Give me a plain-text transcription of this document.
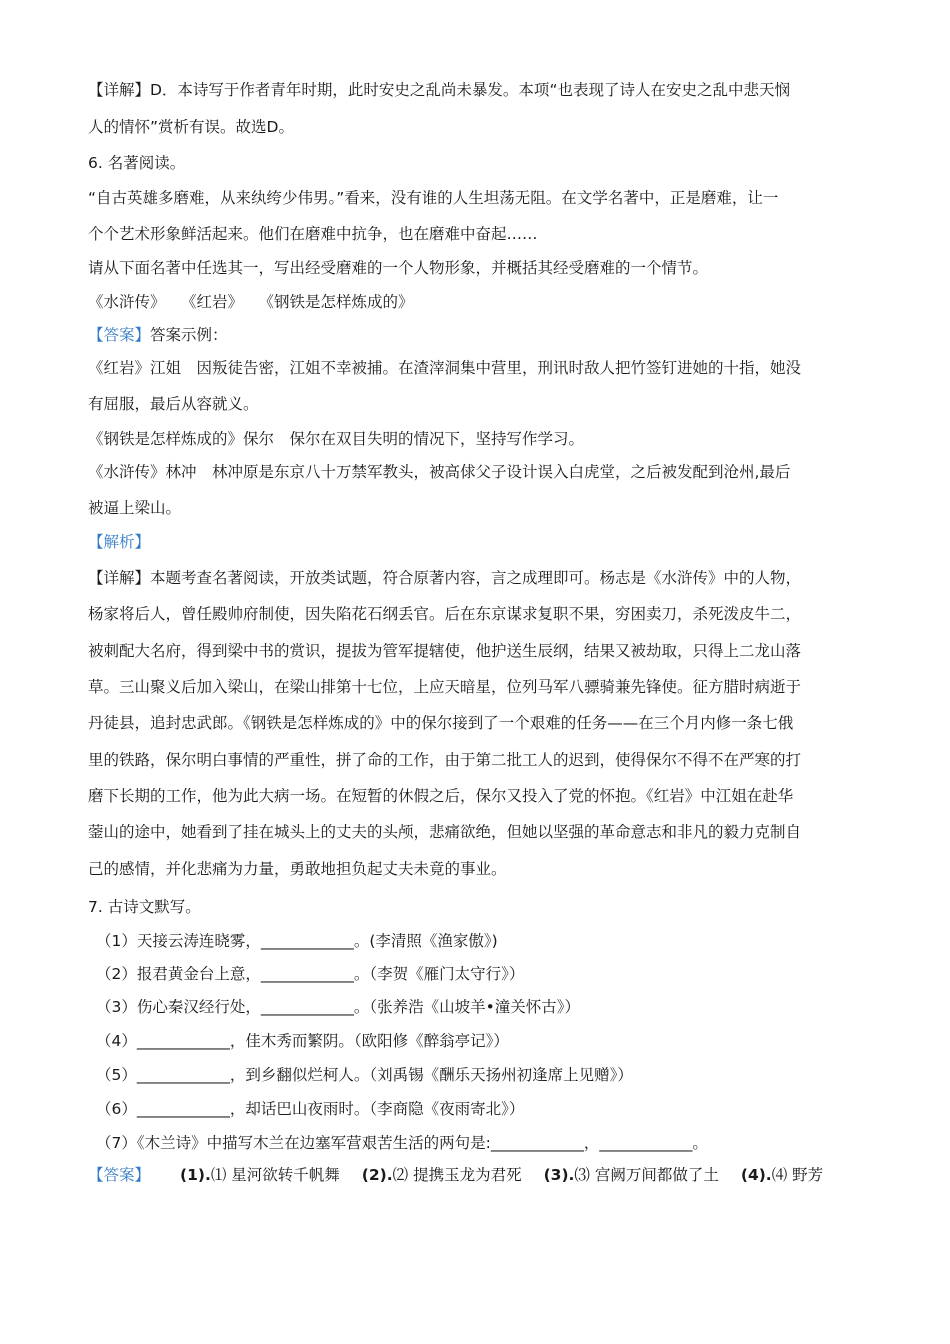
【详解】D．本诗写于作者青年时期，此时安史之乱尚未暴发。本项“也表现了诗人在安史之乱中悲天悯
人的情怀”赏析有误。故选D。
6. 名著阅读。
“自古英雄多磨难，从来纨绔少伟男。”看来，没有谁的人生坦荡无阻。在文学名著中，正是磨难，让一
个个艺术形象鲜活起来。他们在磨难中抗争，也在磨难中奋起……
请从下面名著中任选其一，写出经受磨难的一个人物形象，并概括其经受磨难的一个情节。
《水浒传》　　《红岩》　　《钢铁是怎样炼成的》
【答案】答案示例：
《红岩》江姐　因叛徒告密，江姐不幸被捕。在渣滓洞集中营里，刑讯时敌人把竹签钉进她的十指，她没
有屈服，最后从容就义。
《钢铁是怎样炼成的》保尔　保尔在双目失明的情况下，坚持写作学习。
《水浒传》林冲　林冲原是东京八十万禁军教头，被高俅父子设计误入白虎堂，之后被发配到沧州,最后
被逼上梁山。
【解析】
【详解】本题考查名著阅读，开放类试题，符合原著内容，言之成理即可。杨志是《水浒传》中的人物，
杨家将后人，曾任殿帅府制使，因失陷花石纲丢官。后在东京谋求复职不果，穷困卖刀，杀死泼皮牛二，
被刺配大名府，得到梁中书的赏识，提拔为管军提辖使，他护送生辰纲，结果又被劫取，只得上二龙山落
草。三山聚义后加入梁山，在梁山排第十七位，上应天暗星，位列马军八骠骑兼先锋使。征方腊时病逝于
丹徒县，追封忠武郎。《钢铁是怎样炼成的》中的保尔接到了一个艰难的任务——在三个月内修一条七俄
里的铁路，保尔明白事情的严重性，拼了命的工作，由于第二批工人的迟到，使得保尔不得不在严寒的打
磨下长期的工作，他为此大病一场。在短暂的休假之后，保尔又投入了党的怀抱。《红岩》中江姐在赴华
蓥山的途中，她看到了挂在城头上的丈夫的头颅，悲痛欲绝，但她以坚强的革命意志和非凡的毅力克制自
己的感情，并化悲痛为力量，勇敢地担负起丈夫未竟的事业。
7. 古诗文默写。
（1）天接云涛连晓雾，____________。(李清照《渔家傲》)
（2）报君黄金台上意，____________。（李贺《雁门太守行》）
（3）伤心秦汉经行处，____________。（张养浩《山坡羊•潼关怀古》）
（4）____________，佳木秀而繁阴。（欧阳修《醉翁亭记》）
（5）____________，到乡翻似烂柯人。（刘禹锡《酬乐天扬州初逢席上见赠》）
（6）____________，却话巴山夜雨时。（李商隐《夜雨寄北》）
（7）《木兰诗》中描写木兰在边塞军营艰苦生活的两句是:____________，____________。
【答案】 (1).⑴ 星河欲转千帆舞 (2).⑵ 提携玉龙为君死 (3).⑶ 宫阙万间都做了土 (4).⑷ 野芳
